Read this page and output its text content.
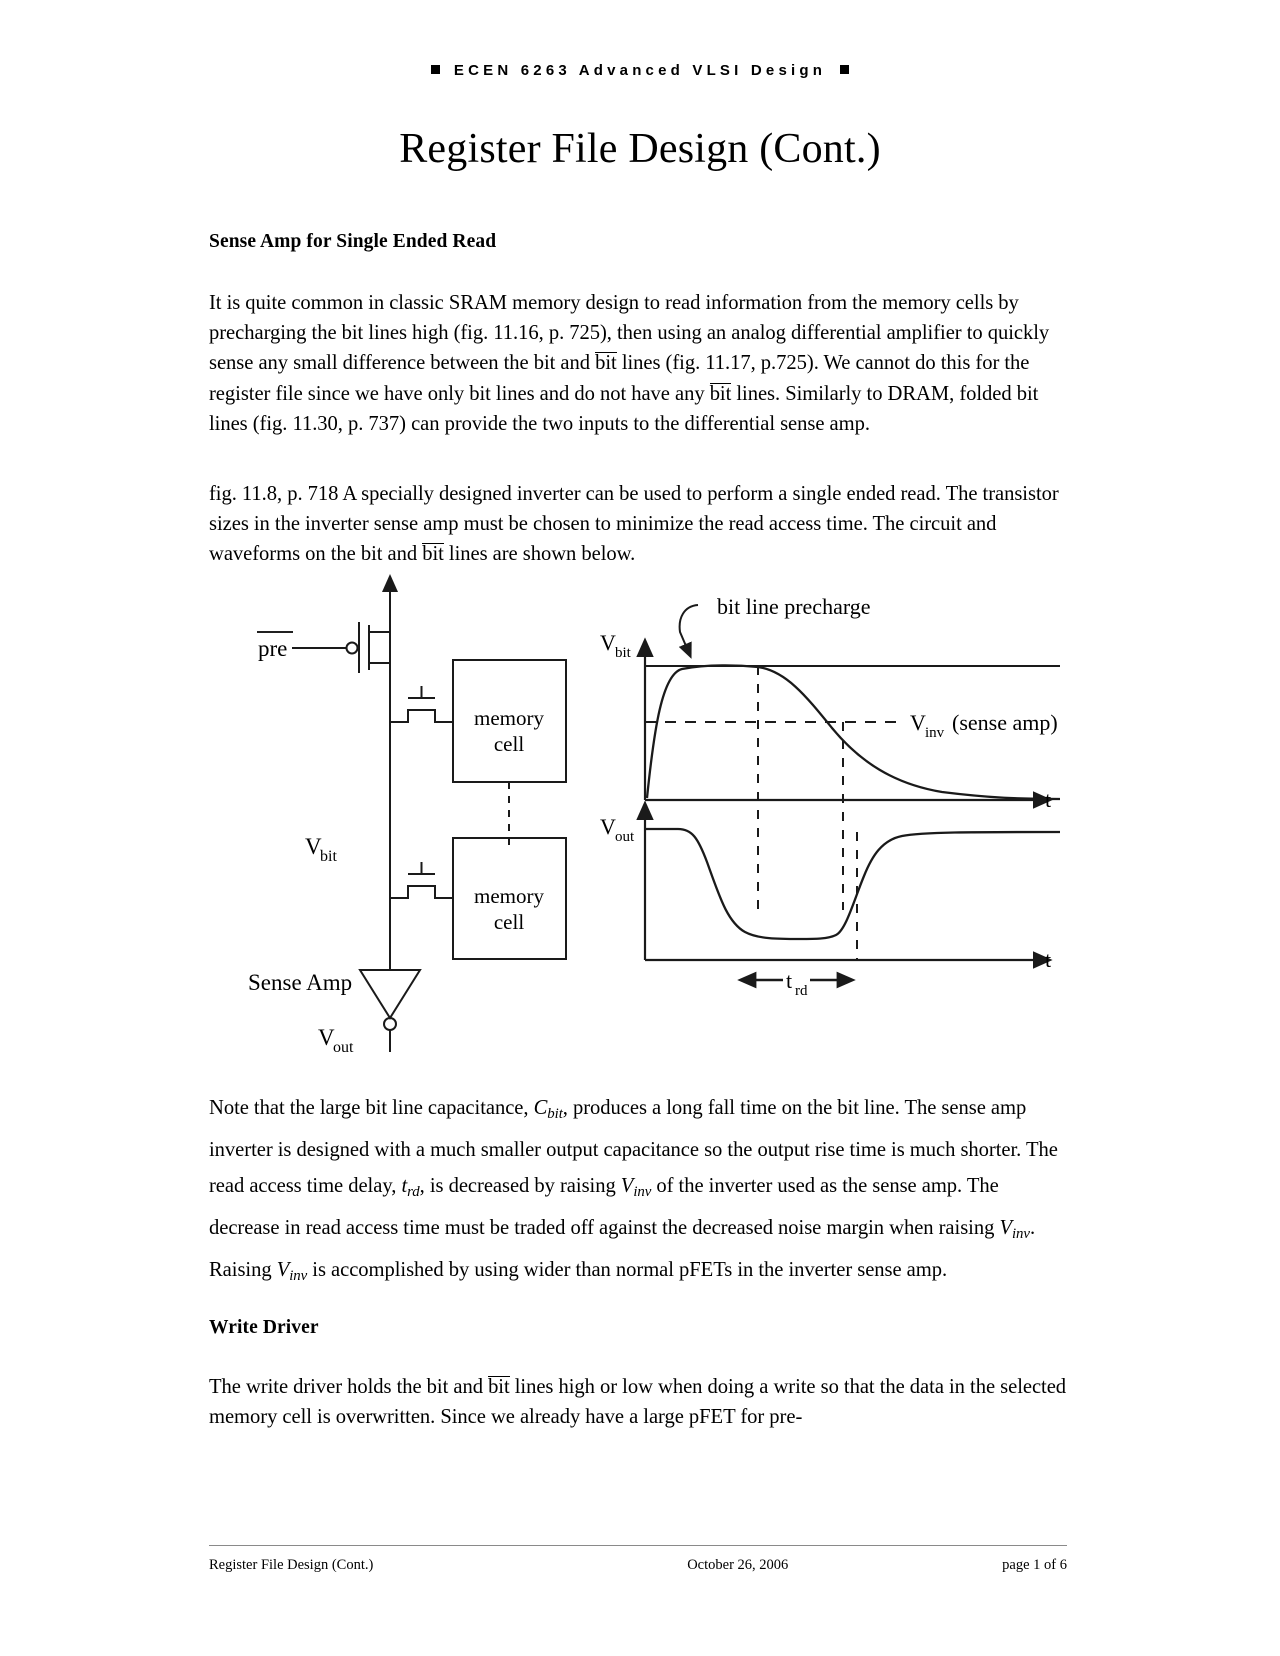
ECEN 6263 Advanced VLSI Design
Register File Design (Cont.)
Sense Amp for Single Ended Read

It is quite common in classic SRAM memory design to read information from the memory cells by precharging the bit lines high (fig. 11.16, p. 725), then using an analog differential amplifier to quickly sense any small difference between the bit and bit lines (fig. 11.17, p.725). We cannot do this for the register file since we have only bit lines and do not have any bit lines. Similarly to DRAM, folded bit lines (fig. 11.30, p. 737) can provide the two inputs to the differential sense amp.

fig. 11.8, p. 718 A specially designed inverter can be used to perform a single ended read. The transistor sizes in the inverter sense amp must be chosen to minimize the read access time. The circuit and waveforms on the bit and bit lines are shown below.

pre
V
bit
memory
cell
memory
cell
Sense Amp
V
out
V bit
t
V inv (sense amp)
bit line precharge
V out
t
t rd

Note that the large bit line capacitance, $C_{bit}$, produces a long fall time on the bit line. The sense amp inverter is designed with a much smaller output capacitance so the output rise time is much shorter. The read access time delay, $t_{rd}$, is decreased by raising $V_{inv}$ of the inverter used as the sense amp. The decrease in read access time must be traded off against the decreased noise margin when raising $V_{inv}$. Raising $V_{inv}$ is accomplished by using wider than normal pFETs in the inverter sense amp.

Write Driver

The write driver holds the bit and bit lines high or low when doing a write so that the data in the selected memory cell is overwritten. Since we already have a large pFET for pre-

Register File Design (Cont.)	October 26, 2006	page 1 of 6
